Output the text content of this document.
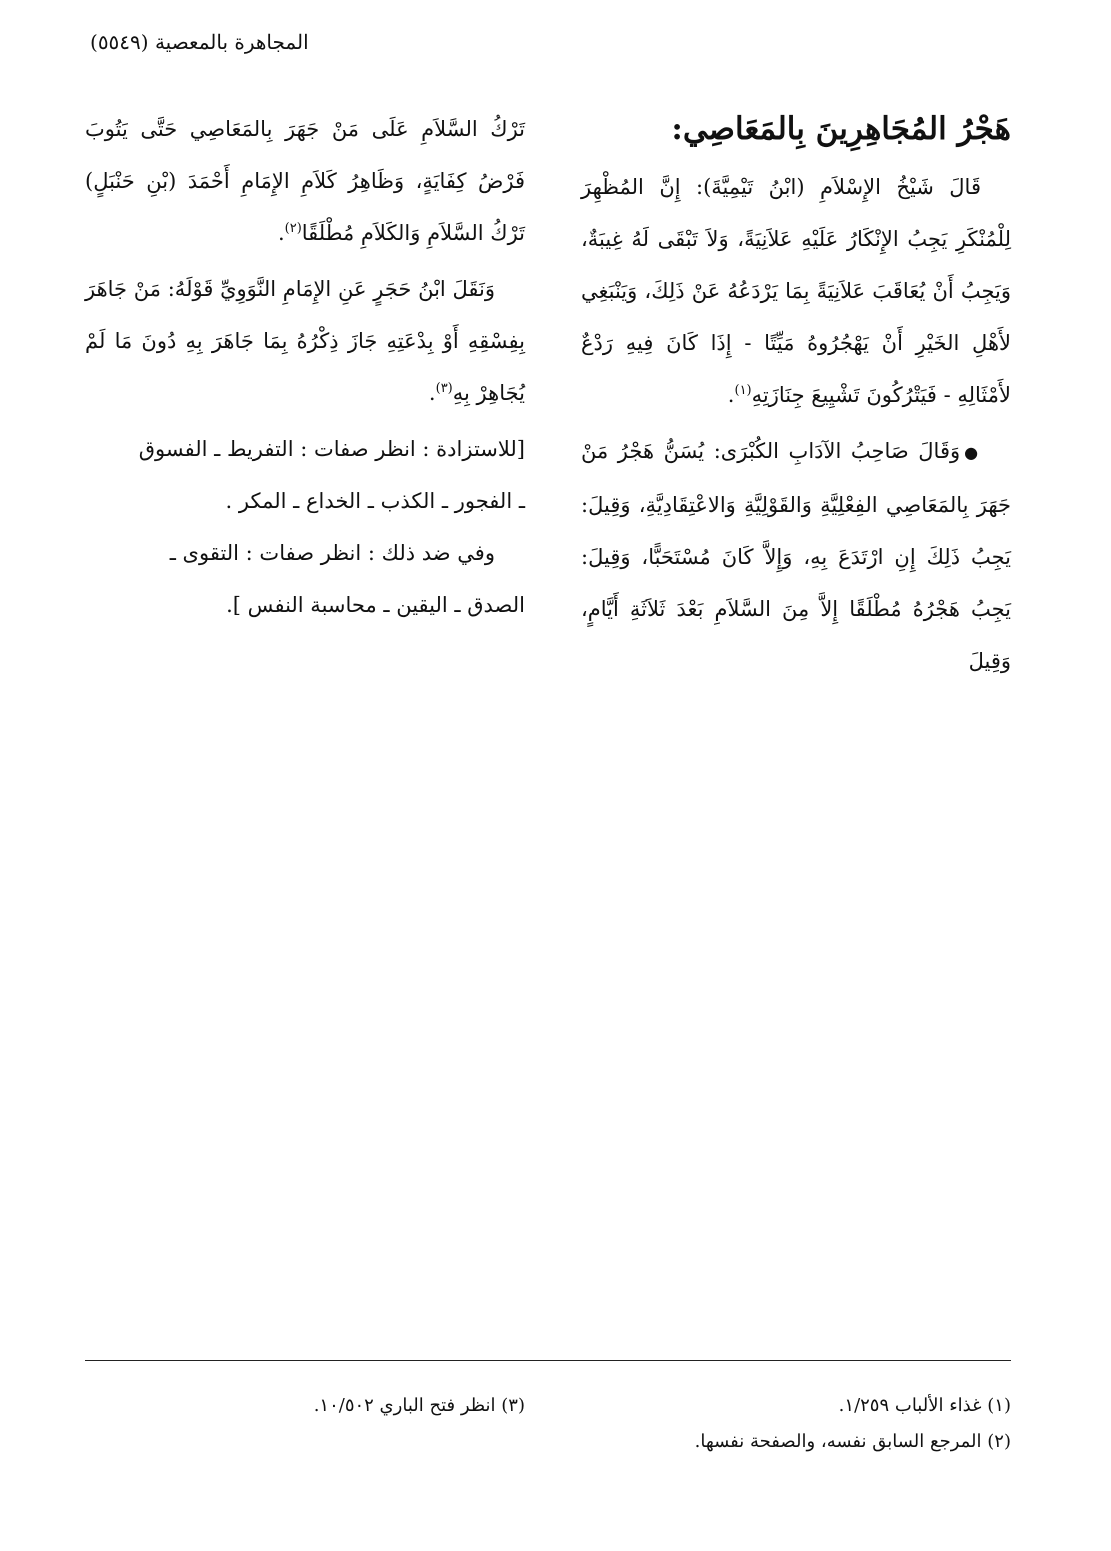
المجاهرة بالمعصية (٥٥٤٩)
هَجْرُ المُجَاهِرِينَ بِالمَعَاصِي:

قَالَ شَيْخُ الإِسْلاَمِ (ابْنُ تَيْمِيَّةَ): إِنَّ المُظْهِرَ لِلْمُنْكَرِ يَجِبُ الإِنْكَارُ عَلَيْهِ عَلاَنِيَةً، وَلاَ تَبْقَى لَهُ غِيبَةٌ، وَيَجِبُ أَنْ يُعَاقَبَ عَلاَنِيَةً بِمَا يَرْدَعُهُ عَنْ ذَلِكَ، وَيَنْبَغِي لأَهْلِ الخَيْرِ أَنْ يَهْجُرُوهُ مَيِّتًا - إِذَا كَانَ فِيهِ رَدْعٌ لأَمْثَالِهِ - فَيَتْرُكُونَ تَشْيِيعَ جِنَازَتِهِ$^{(١)}$.

●وَقَالَ صَاحِبُ الآدَابِ الكُبْرَى: يُسَنُّ هَجْرُ مَنْ جَهَرَ بِالمَعَاصِي الفِعْلِيَّةِ وَالقَوْلِيَّةِ وَالاعْتِقَادِيَّةِ، وَقِيلَ: يَجِبُ ذَلِكَ إِنِ ارْتَدَعَ بِهِ، وَإِلاَّ كَانَ مُسْتَحَبًّا، وَقِيلَ: يَجِبُ هَجْرُهُ مُطْلَقًا إِلاَّ مِنَ السَّلاَمِ بَعْدَ ثَلاَثَةِ أَيَّامٍ، وَقِيلَ

تَرْكُ السَّلاَمِ عَلَى مَنْ جَهَرَ بِالمَعَاصِي حَتَّى يَتُوبَ فَرْضُ كِفَايَةٍ، وَظَاهِرُ كَلاَمِ الإِمَامِ أَحْمَدَ (بْنِ حَنْبَلٍ) تَرْكُ السَّلاَمِ وَالكَلاَمِ مُطْلَقًا$^{(٢)}$.

وَنَقَلَ ابْنُ حَجَرٍ عَنِ الإِمَامِ النَّوَوِيِّ قَوْلَهُ: مَنْ جَاهَرَ بِفِسْقِهِ أَوْ بِدْعَتِهِ جَازَ ذِكْرُهُ بِمَا جَاهَرَ بِهِ دُونَ مَا لَمْ يُجَاهِرْ بِهِ$^{(٣)}$.

[للاستزادة : انظر صفات : التفريط ـ الفسوق
ـ الفجور ـ الكذب ـ الخداع ـ المكر .
وفي ضد ذلك : انظر صفات : التقوى ـ
الصدق ـ اليقين ـ محاسبة النفس ].
(١) غذاء الألباب ١/٢٥٩.
(٢) المرجع السابق نفسه، والصفحة نفسها.
(٣) انظر فتح الباري ١٠/٥٠٢.
